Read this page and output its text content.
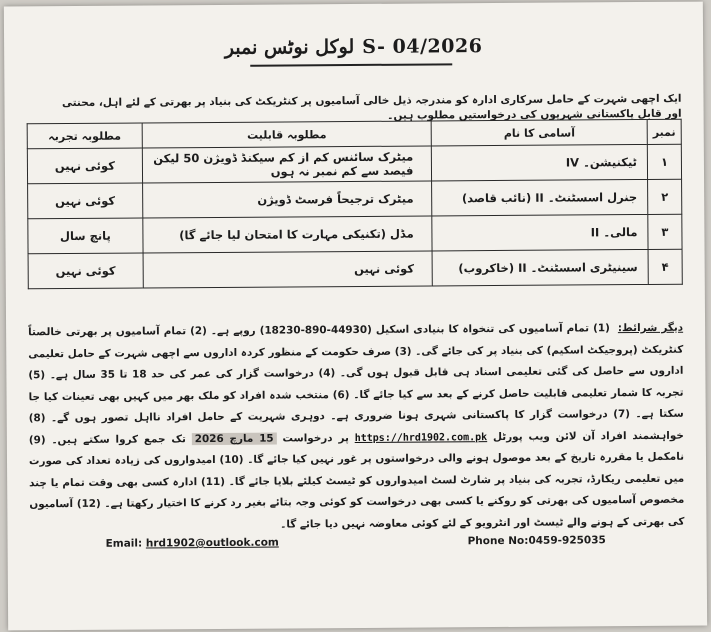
لوکل نوٹس نمبر S- 04/2026
ایک اچھی شہرت کے حامل سرکاری ادارہ کو مندرجہ ذیل خالی آسامیوں پر کنٹریکٹ کی بنیاد پر بھرتی کے لئے اہل، محنتی اور قابل پاکستانی شہریوں کی درخواستیں مطلوب ہیں۔
نمبر	آسامی کا نام	مطلوبہ قابلیت	مطلوبہ تجربہ
۱	ٹیکنیشن۔ IV	میٹرک سائنس کم از کم سیکنڈ ڈویژن 50 لیکن فیصد سے کم نمبر نہ ہوں	کوئی نہیں
۲	جنرل اسسٹنٹ۔ II (نائب قاصد)	میٹرک ترجیحاً فرسٹ ڈویژن	کوئی نہیں
۳	مالی۔ II	مڈل (تکنیکی مہارت کا امتحان لیا جائے گا)	پانچ سال
۴	سینیٹری اسسٹنٹ۔ II (خاکروب)	کوئی نہیں	کوئی نہیں
دیگر شرائط: (1) تمام آسامیوں کی تنخواہ کا بنیادی اسکیل (44930-890-18230) روپے ہے۔ (2) تمام آسامیوں پر بھرتی خالصتاً کنٹریکٹ (پروجیکٹ اسکیم) کی بنیاد پر کی جائے گی۔ (3) صرف حکومت کے منظور کردہ اداروں سے اچھی شہرت کے حامل تعلیمی اداروں سے حاصل کی گئی تعلیمی اسناد ہی قابل قبول ہوں گی۔ (4) درخواست گزار کی عمر کی حد 18 تا 35 سال ہے۔ (5) تجربہ کا شمار تعلیمی قابلیت حاصل کرنے کے بعد سے کیا جائے گا۔ (6) منتخب شدہ افراد کو ملک بھر میں کہیں بھی تعینات کیا جا سکتا ہے۔ (7) درخواست گزار کا پاکستانی شہری ہونا ضروری ہے۔ دوہری شہریت کے حامل افراد نااہل تصور ہوں گے۔ (8) خواہشمند افراد آن لائن ویب پورٹل https://hrd1902.com.pk پر درخواست 15 مارچ 2026 تک جمع کروا سکتے ہیں۔ (9) نامکمل یا مقررہ تاریخ کے بعد موصول ہونے والی درخواستوں پر غور نہیں کیا جائے گا۔ (10) امیدواروں کی زیادہ تعداد کی صورت میں تعلیمی ریکارڈ، تجربہ کی بنیاد پر شارٹ لسٹ امیدواروں کو ٹیسٹ کیلئے بلایا جائے گا۔ (11) ادارہ کسی بھی وقت تمام یا چند مخصوص آسامیوں کی بھرتی کو روکنے یا کسی بھی درخواست کو کوئی وجہ بتائے بغیر رد کرنے کا اختیار رکھتا ہے۔ (12) آسامیوں کی بھرتی کے ہونے والے ٹیسٹ اور انٹرویو کے لئے کوئی معاوضہ نہیں دیا جائے گا۔
Email: hrd1902@outlook.com	Phone No:0459-925035
